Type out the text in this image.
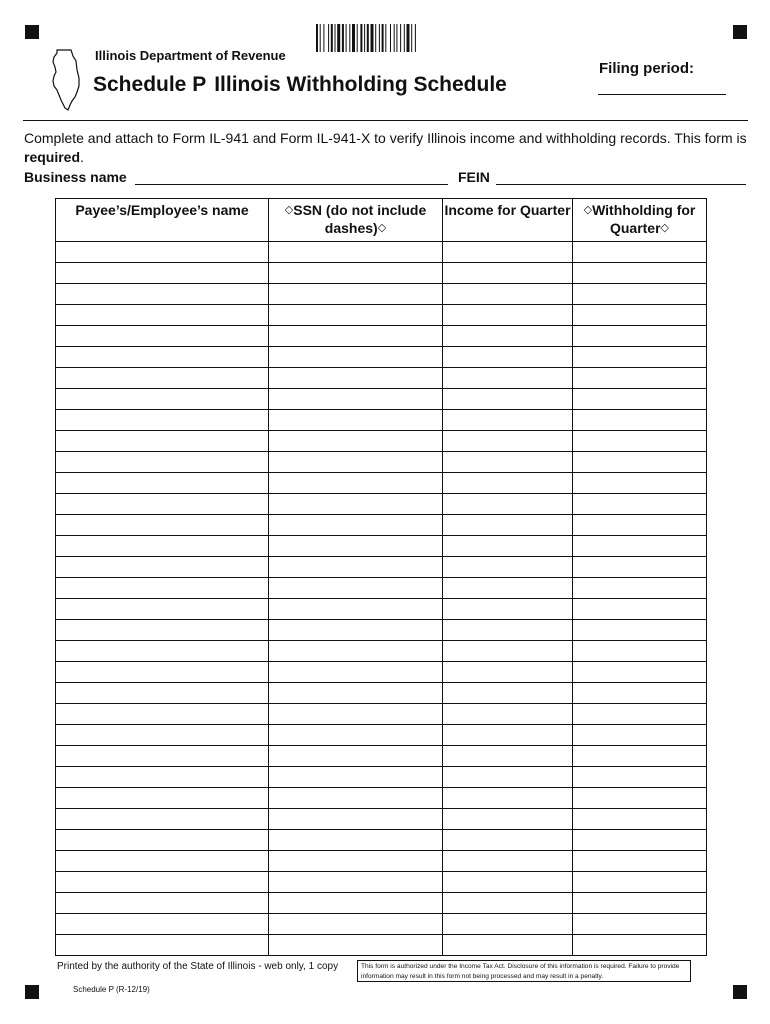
Illinois Department of Revenue
Schedule P Illinois Withholding Schedule
Filing period:
Complete and attach to Form IL-941 and Form IL-941-X to verify Illinois income and withholding records. This form is required.
Business name	FEIN
Payee’s/Employee’s name	◇SSN (do not include dashes)◇	Income for Quarter	◇Withholding for Quarter◇

Printed by the authority of the State of Illinois - web only, 1 copy	This form is authorized under the Income Tax Act. Disclosure of this information is required. Failure to provide information may result in this form not being processed and may result in a penalty.
Schedule P (R-12/19)
